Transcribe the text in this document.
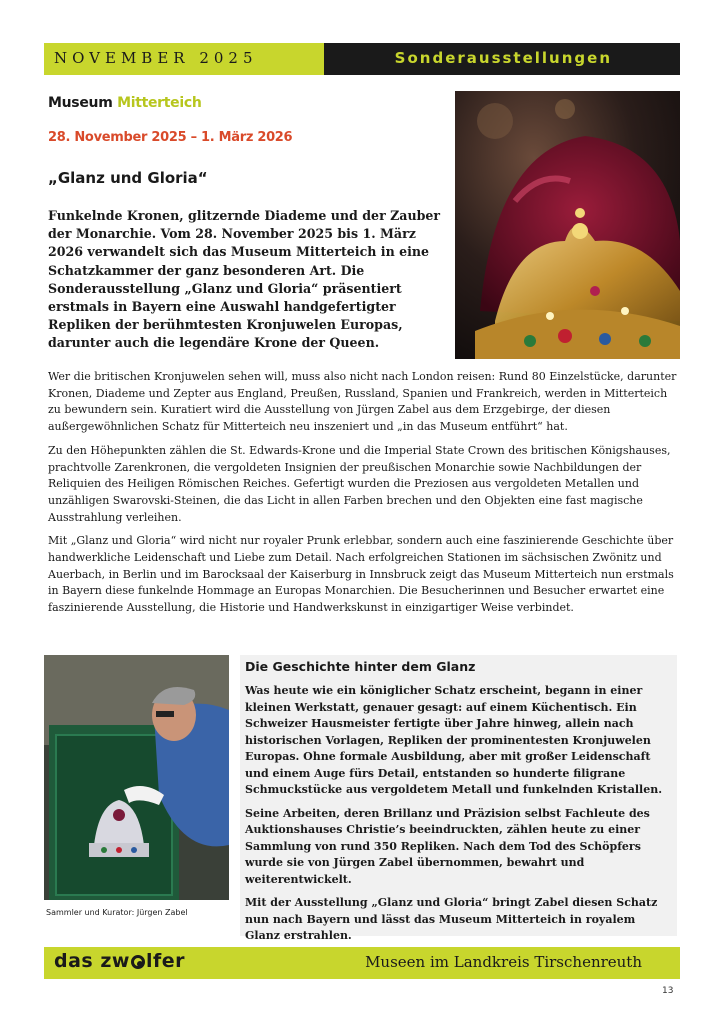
NOVEMBER 2025	Sonderausstellungen
Museum Mitterteich
28. November 2025 – 1. März 2026
„Glanz und Gloria“
Funkelnde Kronen, glitzernde Diademe und der Zauber der Monarchie. Vom 28. November 2025 bis 1. März 2026 verwandelt sich das Museum Mitterteich in eine Schatzkammer der ganz besonderen Art. Die Sonderausstellung „Glanz und Gloria“ präsentiert erstmals in Bayern eine Auswahl handgefertigter Repliken der berühmtesten Kronjuwelen Europas, darunter auch die legendäre Krone der Queen.

Wer die britischen Kronjuwelen sehen will, muss also nicht nach London reisen: Rund 80 Einzelstücke, darunter Kronen, Diademe und Zepter aus England, Preußen, Russland, Spanien und Frankreich, werden in Mitterteich zu bewundern sein. Kuratiert wird die Ausstellung von Jürgen Zabel aus dem Erzgebirge, der diesen außergewöhnlichen Schatz für Mitterteich neu inszeniert und „in das Museum entführt“ hat.

Zu den Höhepunkten zählen die St. Edwards-Krone und die Imperial State Crown des britischen Königshauses, prachtvolle Zarenkronen, die vergoldeten Insignien der preußischen Monarchie sowie Nachbildungen der Reliquien des Heiligen Römischen Reiches. Gefertigt wurden die Preziosen aus vergoldeten Metallen und unzähligen Swarovski-Steinen, die das Licht in allen Farben brechen und den Objekten eine fast magische Ausstrahlung verleihen.

Mit „Glanz und Gloria“ wird nicht nur royaler Prunk erlebbar, sondern auch eine faszinierende Geschichte über handwerkliche Leidenschaft und Liebe zum Detail. Nach erfolgreichen Stationen im sächsischen Zwönitz und Auerbach, in Berlin und im Barocksaal der Kaiserburg in Innsbruck zeigt das Museum Mitterteich nun erstmals in Bayern diese funkelnde Hommage an Europas Monarchien. Die Besucherinnen und Besucher erwartet eine faszinierende Ausstellung, die Historie und Handwerkskunst in einzigartiger Weise verbindet.

Sammler und Kurator: Jürgen Zabel
Die Geschichte hinter dem Glanz

Was heute wie ein königlicher Schatz erscheint, begann in einer kleinen Werkstatt, genauer gesagt: auf einem Küchentisch. Ein Schweizer Hausmeister fertigte über Jahre hinweg, allein nach historischen Vorlagen, Repliken der prominentesten Kronjuwelen Europas. Ohne formale Ausbildung, aber mit großer Leidenschaft und einem Auge fürs Detail, entstanden so hunderte filigrane Schmuckstücke aus vergoldetem Metall und funkelnden Kristallen.

Seine Arbeiten, deren Brillanz und Präzision selbst Fachleute des Auktionshauses Christie’s beeindruckten, zählen heute zu einer Sammlung von rund 350 Repliken. Nach dem Tod des Schöpfers wurde sie von Jürgen Zabel übernommen, bewahrt und weiterentwickelt.

Mit der Ausstellung „Glanz und Gloria“ bringt Zabel diesen Schatz nun nach Bayern und lässt das Museum Mitterteich in royalem Glanz erstrahlen.

das zw lfer	Museen im Landkreis Tirschenreuth
13
